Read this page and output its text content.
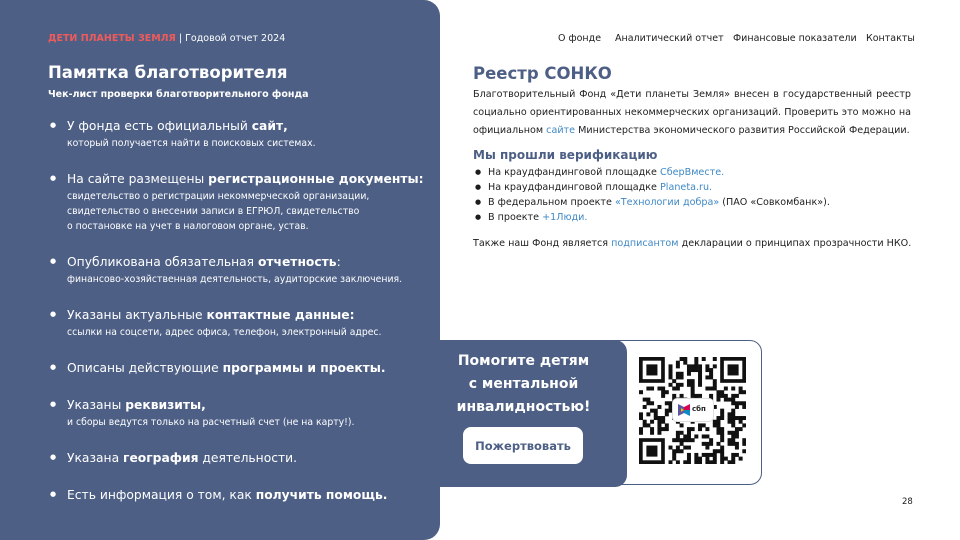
ДЕТИ ПЛАНЕТЫ ЗЕМЛЯ | Годовой отчет 2024
Памятка благотворителя
Чек-лист проверки благотворительного фонда
● У фонда есть официальный сайт,
который получается найти в поисковых системах.
● На сайте размещены регистрационные документы:
свидетельство о регистрации некоммерческой организации,
свидетельство о внесении записи в ЕГРЮЛ, свидетельство
о постановке на учет в налоговом органе, устав.
● Опубликована обязательная отчетность:
финансово-хозяйственная деятельность, аудиторские заключения.
● Указаны актуальные контактные данные:
ссылки на соцсети, адрес офиса, телефон, электронный адрес.
● Описаны действующие программы и проекты.
● Указаны реквизиты,
и сборы ведутся только на расчетный счет (не на карту!).
● Указана география деятельности.
● Есть информация о том, как получить помощь.
О фонде Аналитический отчет Финансовые показатели Контакты
Реестр СОНКО
Благотворительный Фонд «Дети планеты Земля» внесен в государственный реестр
социально ориентированных некоммерческих организаций. Проверить это можно на
официальном сайте Министерства экономического развития Российской Федерации.
Мы прошли верификацию
● На краудфандинговой площадке СберВместе.
● На краудфандинговой площадке Planeta.ru.
● В федеральном проекте «Технологии добра» (ПАО «Совкомбанк»).
● В проекте +1Люди.
Также наш Фонд является подписантом декларации о принципах прозрачности НКО.
Помогите детям
с ментальной
инвалидностью!
Пожертвовать
сбп
28
